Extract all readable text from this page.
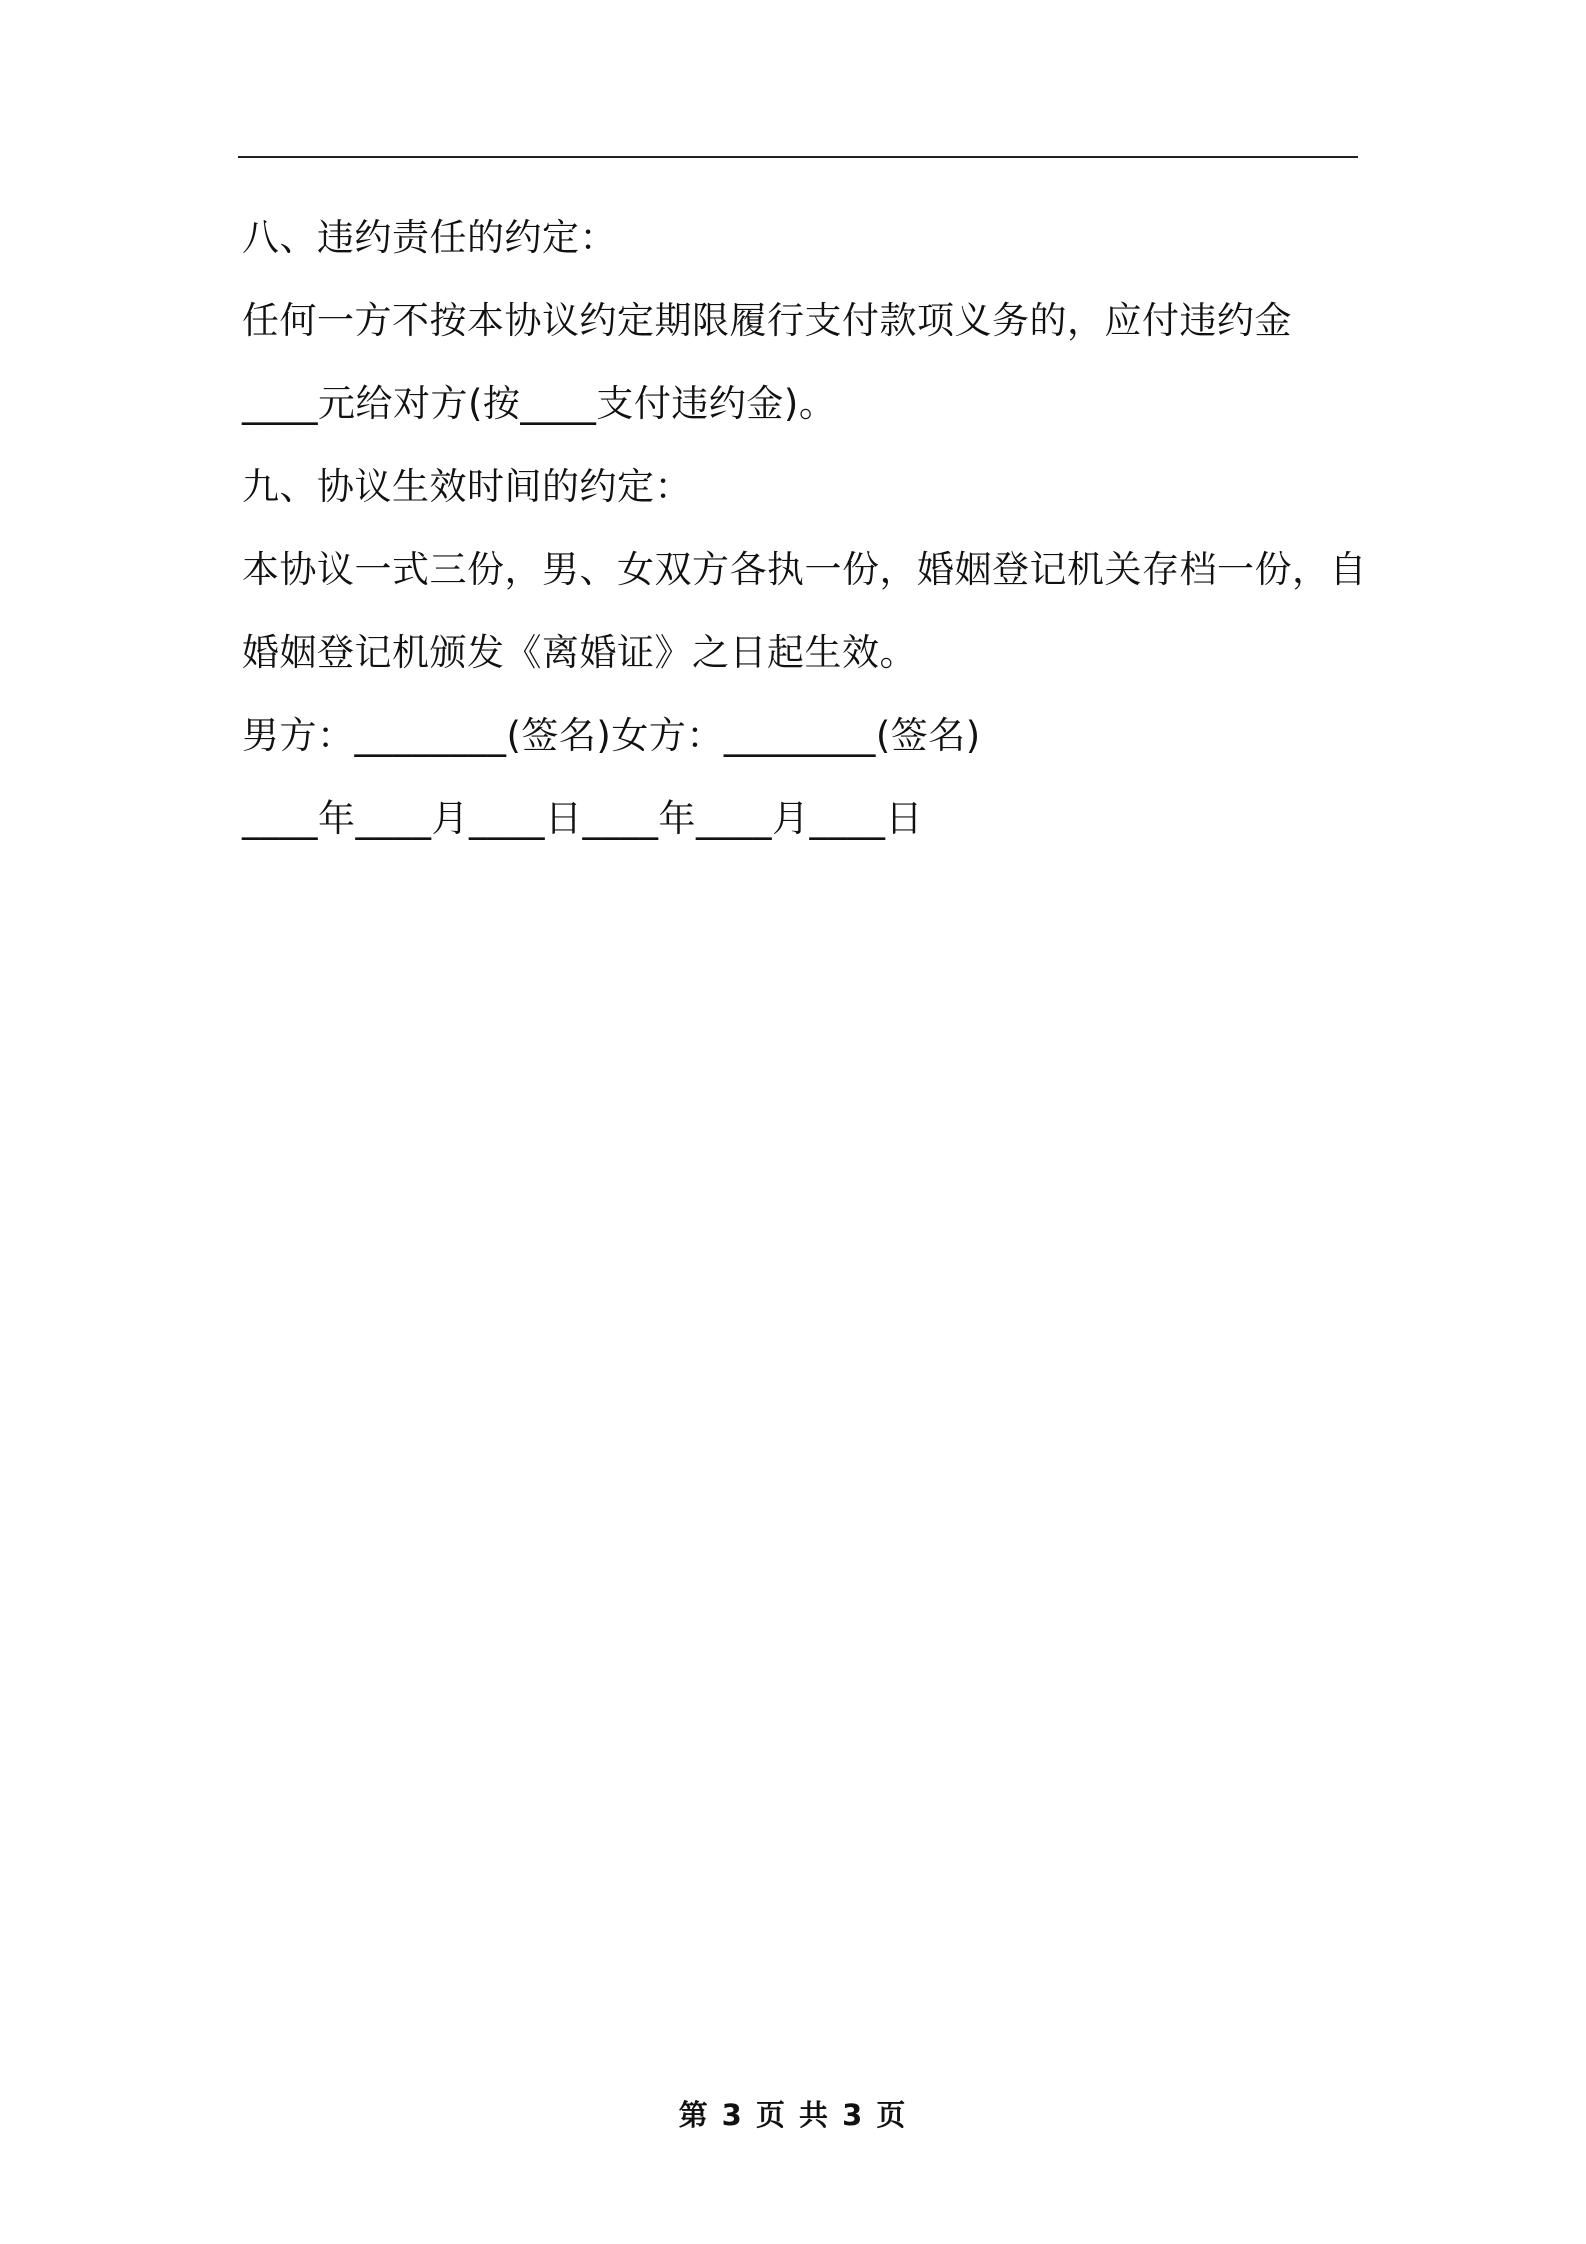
八、违约责任的约定：

任何一方不按本协议约定期限履行支付款项义务的，应付违约金

____元给对方(按____支付违约金)。

九、协议生效时间的约定：

本协议一式三份，男、女双方各执一份，婚姻登记机关存档一份，自

婚姻登记机颁发《离婚证》之日起生效。

男方：________(签名)女方：________(签名)

____年____月____日____年____月____日

第 3 页 共 3 页
